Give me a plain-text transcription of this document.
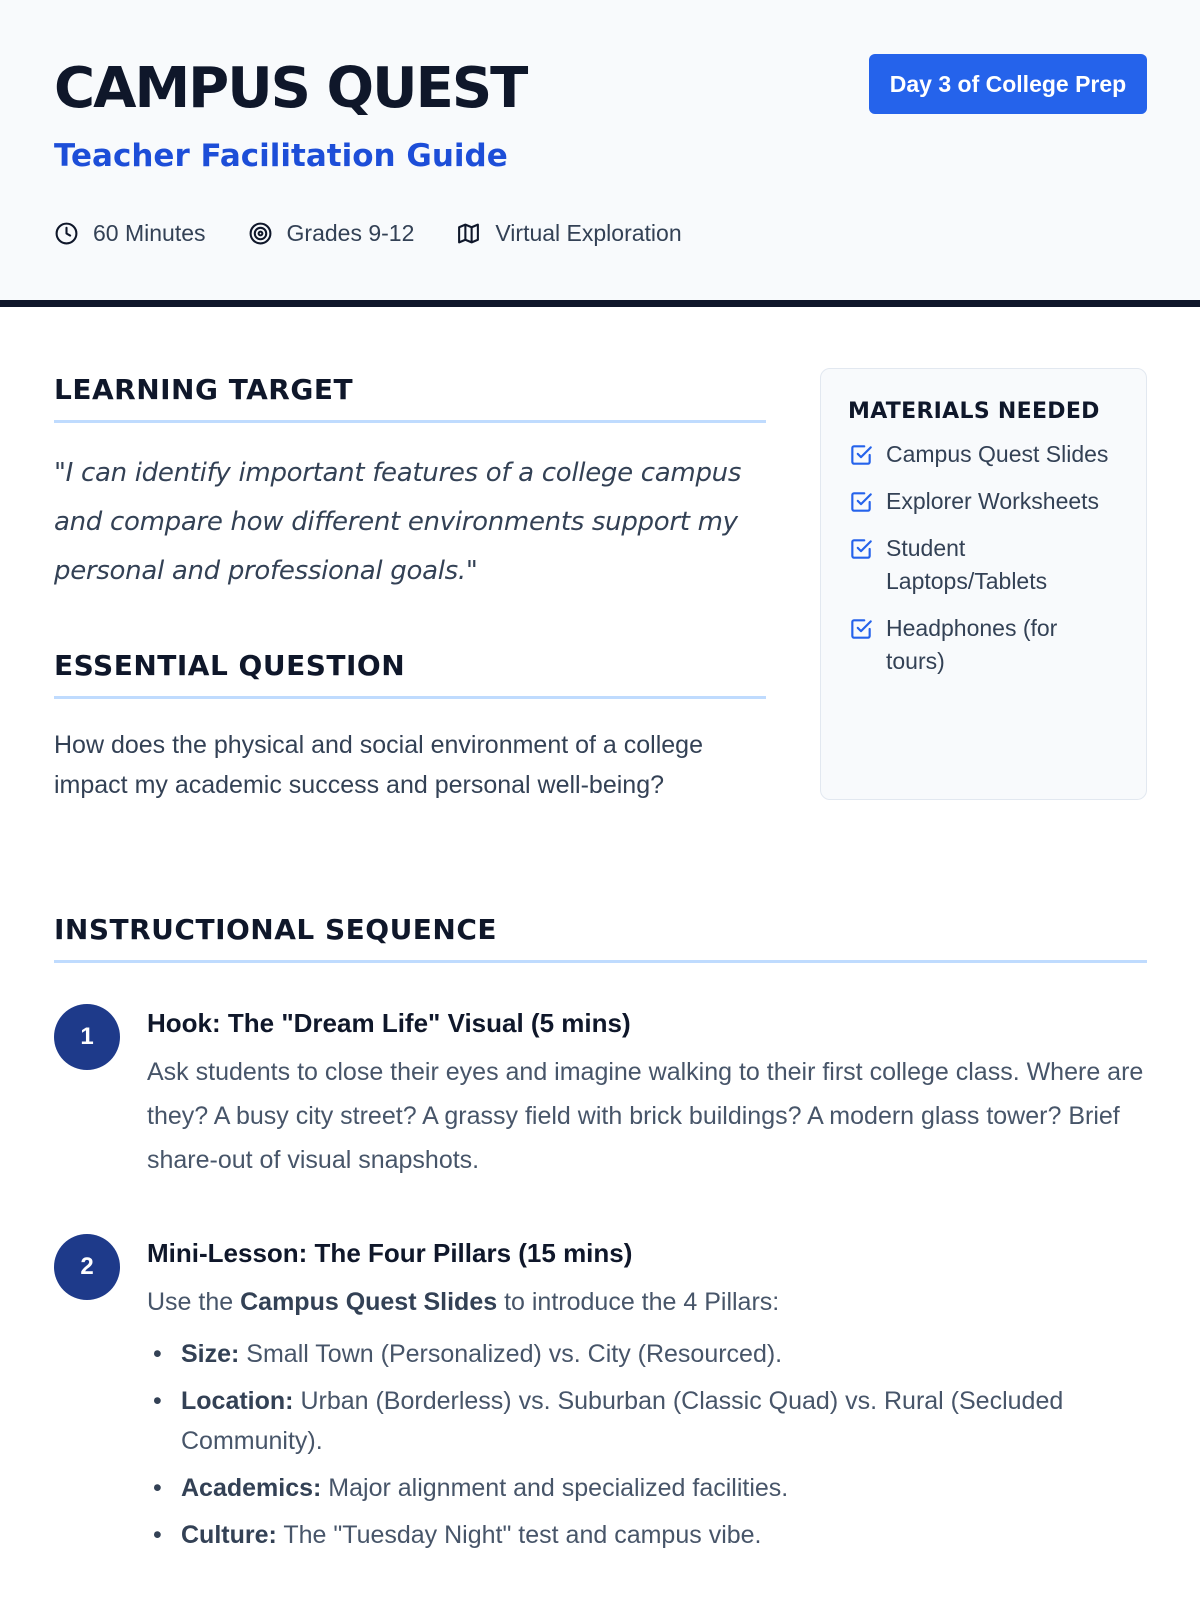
CAMPUS QUEST
Teacher Facilitation Guide
Day 3 of College Prep
60 Minutes	Grades 9-12	Virtual Exploration
LEARNING TARGET
"I can identify important features of a college campus and compare how different environments support my personal and professional goals."
ESSENTIAL QUESTION
How does the physical and social environment of a college impact my academic success and personal well-being?
MATERIALS NEEDED
Campus Quest Slides
Explorer Worksheets
Student Laptops/Tablets
Headphones (for tours)
INSTRUCTIONAL SEQUENCE
1	Hook: The "Dream Life" Visual (5 mins)
Ask students to close their eyes and imagine walking to their first college class. Where are they? A busy city street? A grassy field with brick buildings? A modern glass tower? Brief share-out of visual snapshots.
2	Mini-Lesson: The Four Pillars (15 mins)
Use the Campus Quest Slides to introduce the 4 Pillars:
• Size: Small Town (Personalized) vs. City (Resourced).
• Location: Urban (Borderless) vs. Suburban (Classic Quad) vs. Rural (Secluded Community).
• Academics: Major alignment and specialized facilities.
• Culture: The "Tuesday Night" test and campus vibe.
